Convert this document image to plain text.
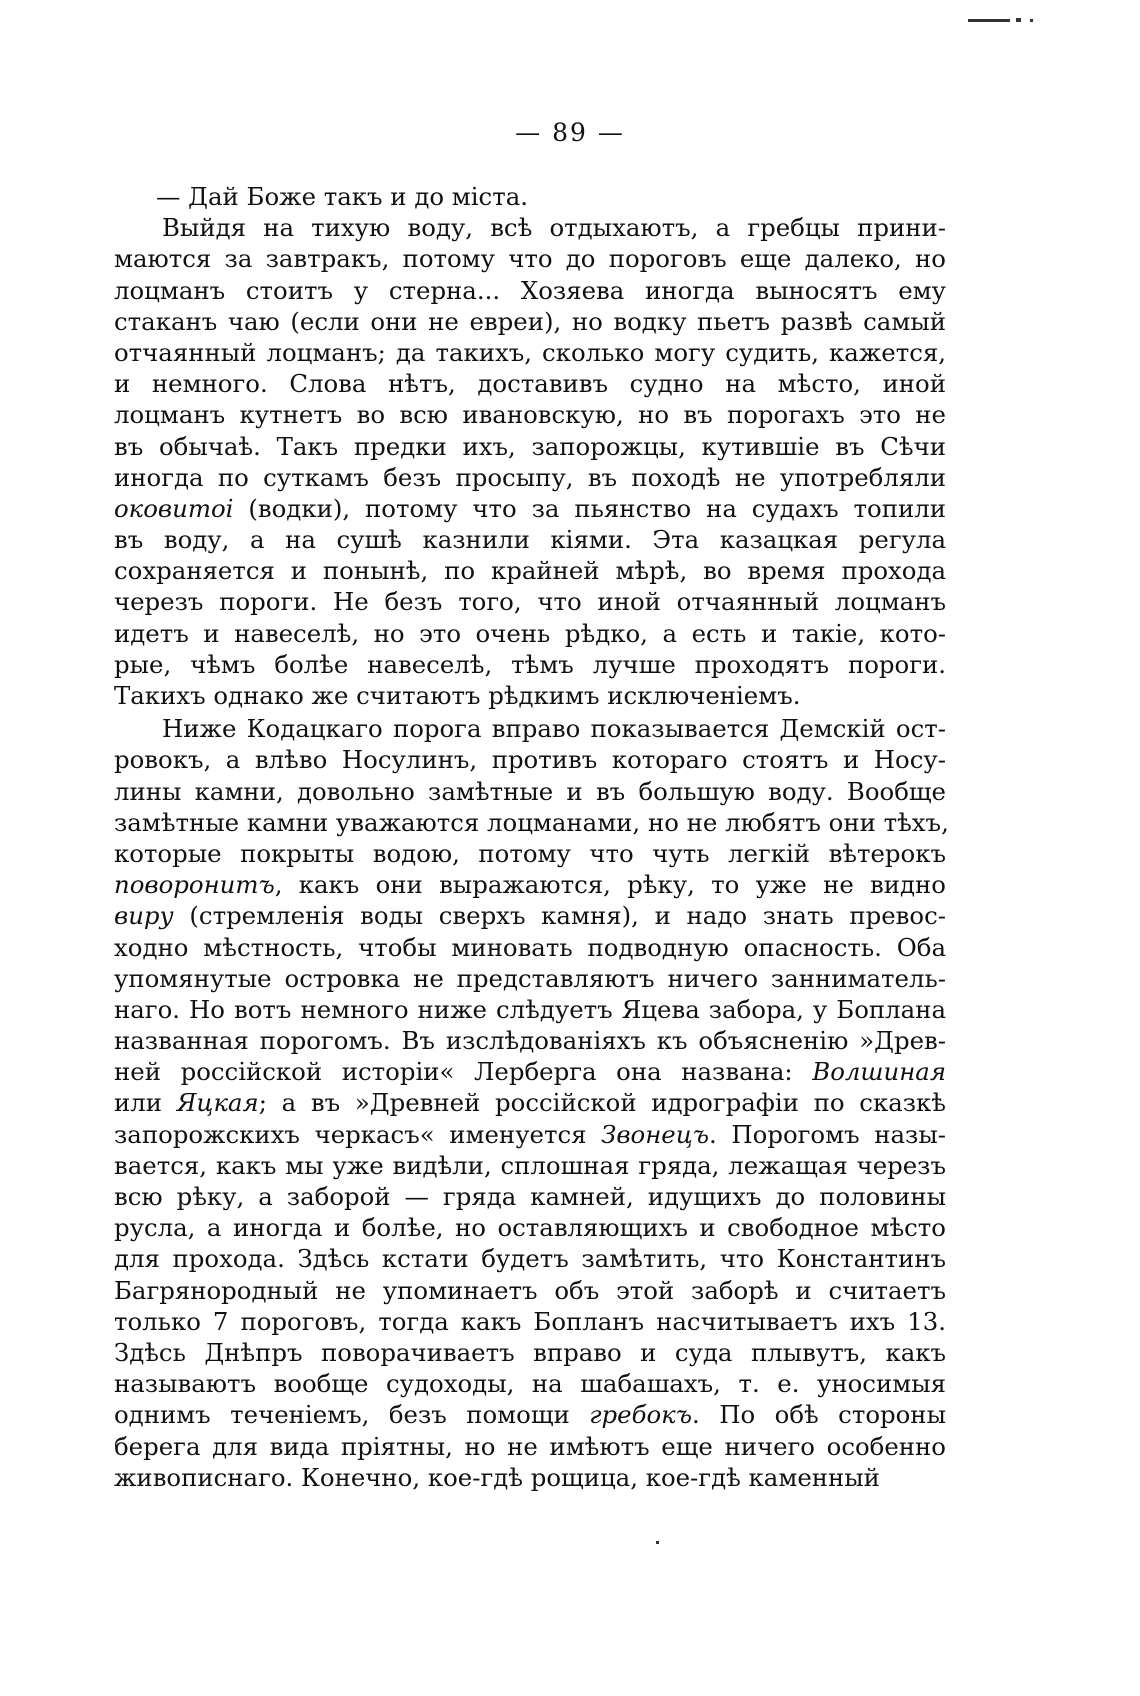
— 89 —
— Дай Боже такъ и до міста.
Выйдя на тихую воду, всѣ отдыхаютъ, а гребцы прини-
маются за завтракъ, потому что до пороговъ еще далеко, но
лоцманъ стоитъ у стерна... Хозяева иногда выносятъ ему
стаканъ чаю (если они не евреи), но водку пьетъ развѣ самый
отчаянный лоцманъ; да такихъ, сколько могу судить, кажется,
и немного. Слова нѣтъ, доставивъ судно на мѣсто, иной
лоцманъ кутнетъ во всю ивановскую, но въ порогахъ это не
въ обычаѣ. Такъ предки ихъ, запорожцы, кутившіе въ Сѣчи
иногда по суткамъ безъ просыпу, въ походѣ не употребляли
оковитоі (водки), потому что за пьянство на судахъ топили
въ воду, а на сушѣ казнили кіями. Эта казацкая регула
сохраняется и понынѣ, по крайней мѣрѣ, во время прохода
черезъ пороги. Не безъ того, что иной отчаянный лоцманъ
идетъ и навеселѣ, но это очень рѣдко, а есть и такіе, кото-
рые, чѣмъ болѣе навеселѣ, тѣмъ лучше проходятъ пороги.
Такихъ однако же считаютъ рѣдкимъ исключеніемъ.
Ниже Кодацкаго порога вправо показывается Демскій ост-
ровокъ, а влѣво Носулинъ, противъ котораго стоятъ и Носу-
лины камни, довольно замѣтные и въ большую воду. Вообще
замѣтные камни уважаются лоцманами, но не любятъ они тѣхъ,
которые покрыты водою, потому что чуть легкій вѣтерокъ
поворонитъ, какъ они выражаются, рѣку, то уже не видно
виру (стремленія воды сверхъ камня), и надо знать превос-
ходно мѣстность, чтобы миновать подводную опасность. Оба
упомянутые островка не представляютъ ничего занниматель-
наго. Но вотъ немного ниже слѣдуетъ Яцева забора, у Боплана
названная порогомъ. Въ изслѣдованіяхъ къ объясненію »Древ-
ней россійской исторіи« Лерберга она названа: Волшиная
или Яцкая; а въ »Древней россійской идрографіи по сказкѣ
запорожскихъ черкасъ« именуется Звонецъ. Порогомъ назы-
вается, какъ мы уже видѣли, сплошная гряда, лежащая черезъ
всю рѣку, а заборой — гряда камней, идущихъ до половины
русла, а иногда и болѣе, но оставляющихъ и свободное мѣсто
для прохода. Здѣсь кстати будетъ замѣтить, что Константинъ
Багрянородный не упоминаетъ объ этой заборѣ и считаетъ
только 7 пороговъ, тогда какъ Бопланъ насчитываетъ ихъ 13.
Здѣсь Днѣпръ поворачиваетъ вправо и суда плывутъ, какъ
называютъ вообще судоходы, на шабашахъ, т. е. уносимыя
однимъ теченіемъ, безъ помощи гребокъ. По обѣ стороны
берега для вида пріятны, но не имѣютъ еще ничего особенно
живописнаго. Конечно, кое-гдѣ рощица, кое-гдѣ каменный
